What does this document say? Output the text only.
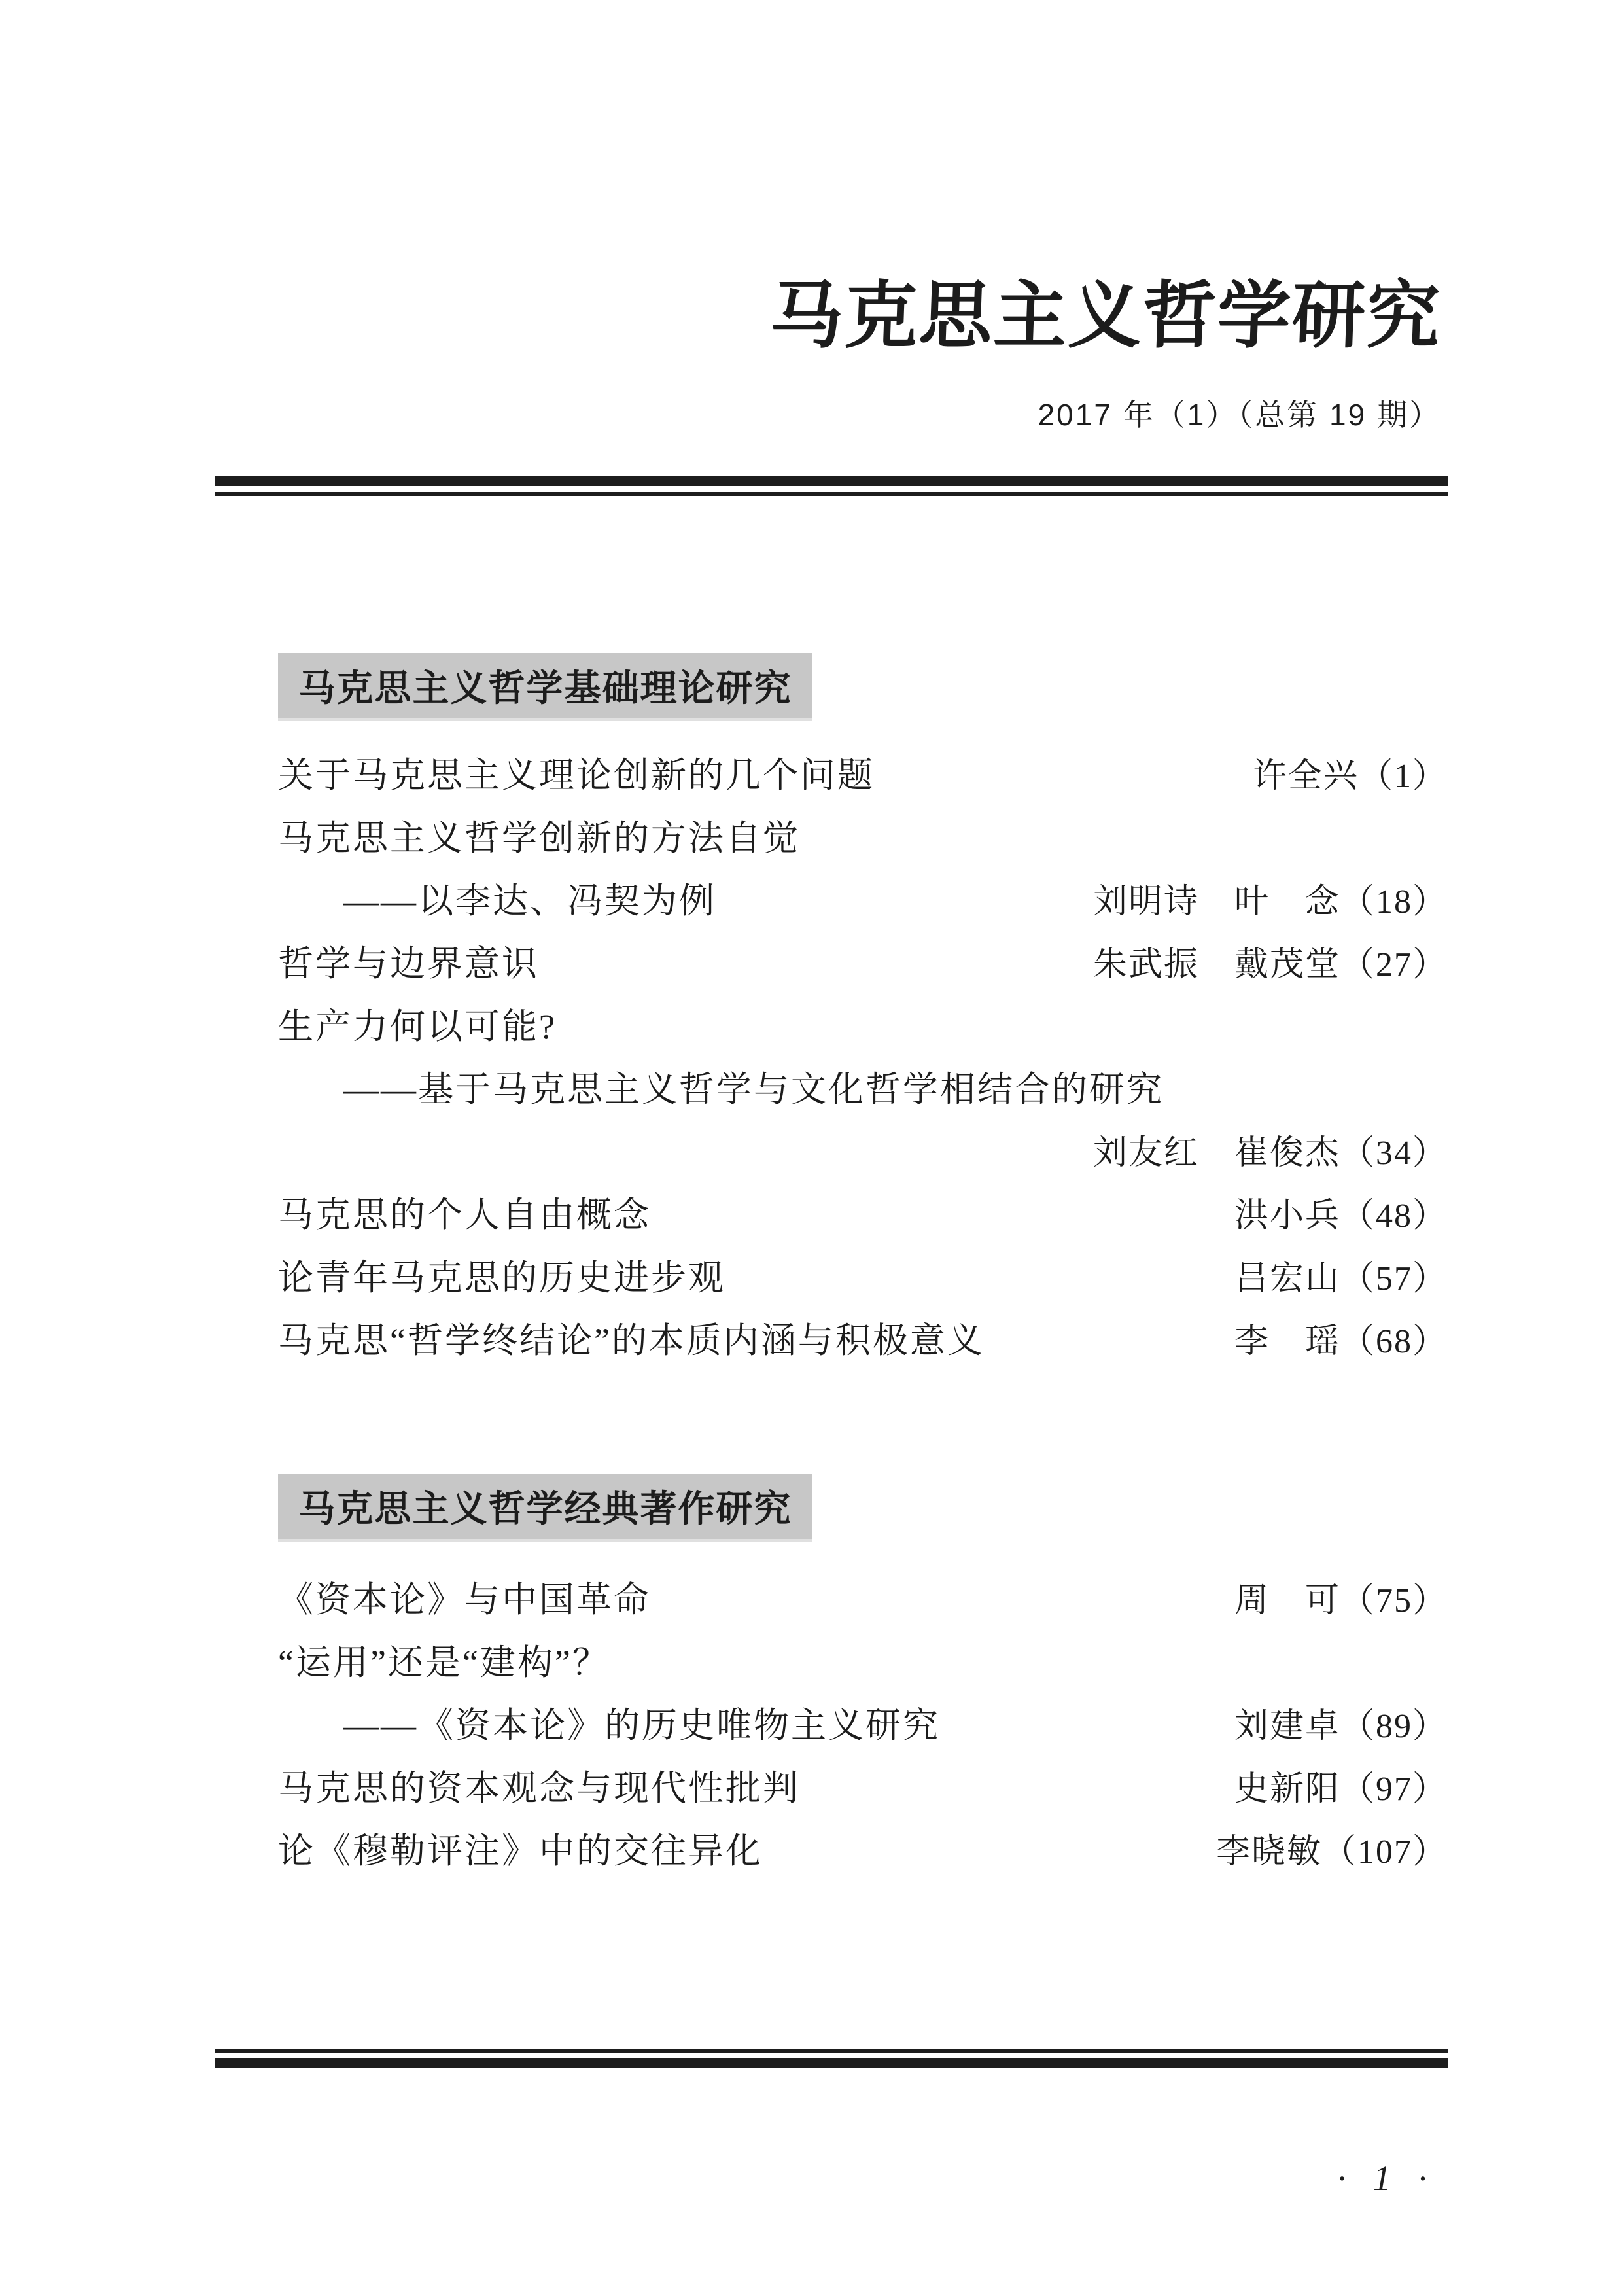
马克思主义哲学研究
2017 年（1）（总第 19 期）
马克思主义哲学基础理论研究
关于马克思主义理论创新的几个问题	许全兴（1）
马克思主义哲学创新的方法自觉
——以李达、冯契为例	刘明诗　叶　念（18）
哲学与边界意识	朱武振　戴茂堂（27）
生产力何以可能?
——基于马克思主义哲学与文化哲学相结合的研究
刘友红　崔俊杰（34）
马克思的个人自由概念	洪小兵（48）
论青年马克思的历史进步观	吕宏山（57）
马克思“哲学终结论”的本质内涵与积极意义	李　瑶（68）
马克思主义哲学经典著作研究
《资本论》与中国革命	周　可（75）
“运用”还是“建构”？
——《资本论》的历史唯物主义研究	刘建卓（89）
马克思的资本观念与现代性批判	史新阳（97）
论《穆勒评注》中的交往异化	李晓敏（107）
· 1 ·
